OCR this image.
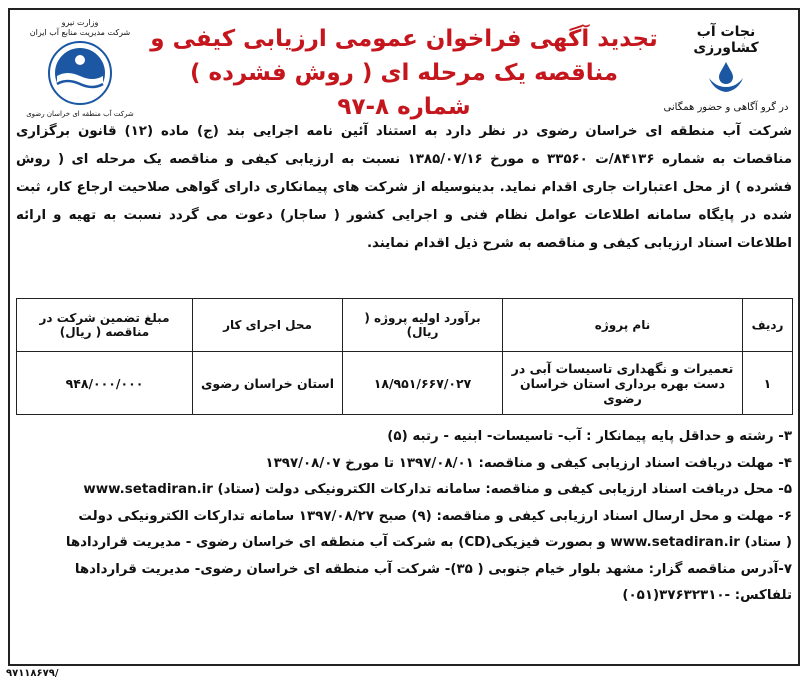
نجات آب کشاورزی
در گرو آگاهی و حضور همگانی
وزارت نیرو
شرکت مدیریت منابع آب ایران
شرکت آب منطقه ای خراسان رضوی
تجدید آگهی فراخوان عمومی ارزیابی کیفی و
مناقصه یک مرحله ای ( روش فشرده ) شماره ۸-۹۷
شرکت آب منطقه ای خراسان رضوی در نظر دارد به استناد آئین نامه اجرایی بند (ج) ماده (۱۲) قانون برگزاری مناقصات به شماره ۸۴۱۳۶/ت ۳۳۵۶۰ ه مورخ ۱۳۸۵/۰۷/۱۶ نسبت به ارزیابی کیفی و مناقصه یک مرحله ای ( روش فشرده ) از محل اعتبارات جاری اقدام نماید. بدینوسیله از شرکت های پیمانکاری دارای گواهی صلاحیت ارجاع کار، ثبت شده در پایگاه سامانه اطلاعات عوامل نظام فنی و اجرایی کشور ( ساجار) دعوت می گردد نسبت به تهیه و ارائه اطلاعات اسناد ارزیابی کیفی و مناقصه به شرح ذیل اقدام نمایند.
ردیف	نام پروژه	برآورد اولیه پروژه ( ریال)	محل اجرای کار	مبلغ تضمین شرکت در مناقصه ( ریال)
۱	تعمیرات و نگهداری تاسیسات آبی در دست بهره برداری استان خراسان رضوی	۱۸/۹۵۱/۶۶۷/۰۲۷	استان خراسان رضوی	۹۴۸/۰۰۰/۰۰۰
۳- رشته و حداقل پایه پیمانکار : آب- تاسیسات- ابنیه - رتبه (۵)
۴- مهلت دریافت اسناد ارزیابی کیفی و مناقصه: ۱۳۹۷/۰۸/۰۱ تا مورخ ۱۳۹۷/۰۸/۰۷
۵- محل دریافت اسناد ارزیابی کیفی و مناقصه: سامانه تدارکات الکترونیکی دولت (ستاد) www.setadiran.ir
۶- مهلت و محل ارسال اسناد ارزیابی کیفی و مناقصه: (۹) صبح ۱۳۹۷/۰۸/۲۷ سامانه تدارکات الکترونیکی دولت
( ستاد) www.setadiran.ir و بصورت فیزیکی(CD) به شرکت آب منطقه ای خراسان رضوی - مدیریت قراردادها
۷-آدرس مناقصه گزار: مشهد بلوار خیام جنوبی ( ۳۵)- شرکت آب منطقه ای خراسان رضوی- مدیریت قراردادها
تلفاکس: -۳۷۶۳۲۳۱۰(۰۵۱)
۹۷۱۱۸۶۷۹/
